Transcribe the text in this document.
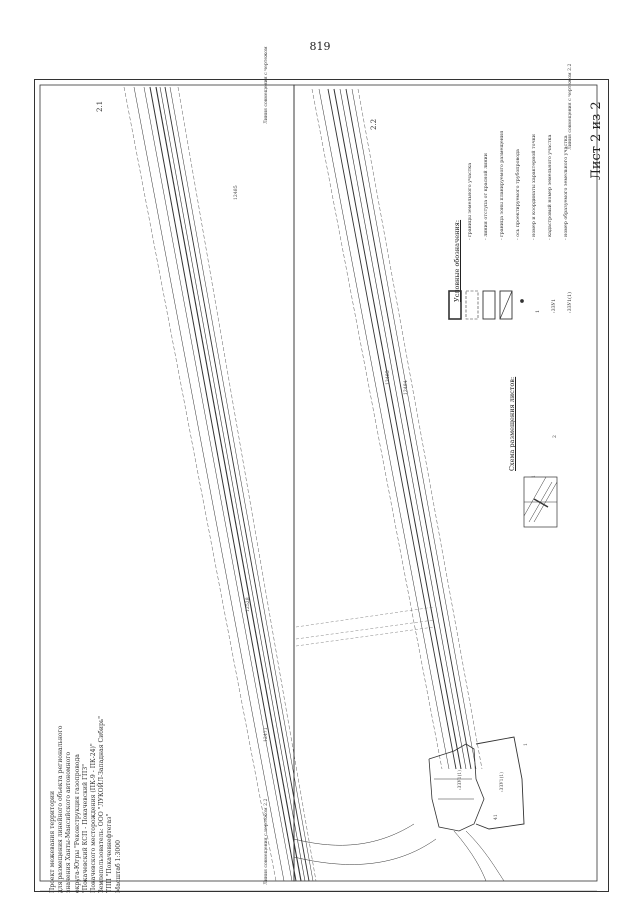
819
Проект межевания территории для размещения линейного объекта регионального значения Ханты-Мансийского автономного округа-Югры "Реконструкция газопровода "Покачевский КСП - Покачевский ГПЗ" Покачевского месторождения (ПК-9 - ПК-24)" Землепользователь: ООО "ЛУКОЙЛ-Западная Сибирь" ТПП "Покачевнефтегаз" Масштаб 1:3000
Лист 2 из 2
2.1
2.2
Линия совмещения с чертежом	Линия совмещения с чертежом 2.2
Линия совмещения с чертежом 2.2
Условные обозначения:
- границы земельного участка - линия отступа от красной линии - граница зоны планируемого размещения - ось проектируемого трубопровода - номер и координаты характерной точки - кадастровый номер земельного участка - номер образуемого земельного участка
1 :3ЗУ1 :3ЗУ1(1)
Схема размещения листов:
1
2
12485
12485
12484
12528
12471
:3ЗУ1(1)
:3ЗУ1(1)
1
41
